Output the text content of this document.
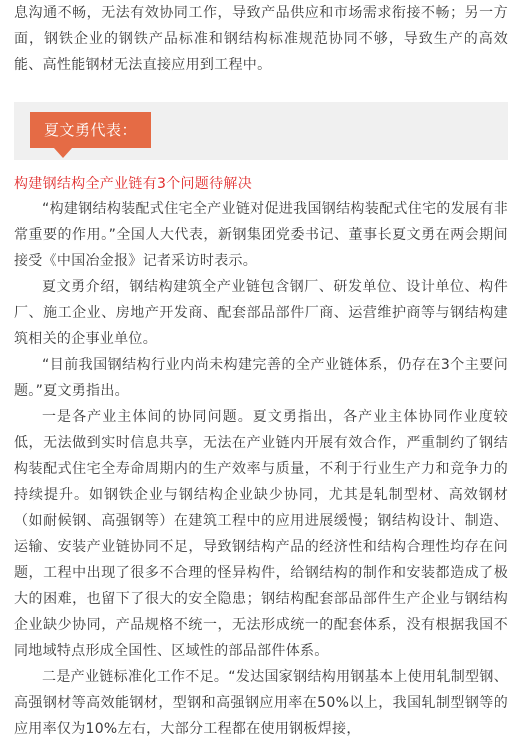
息沟通不畅，无法有效协同工作，导致产品供应和市场需求衔接不畅；另一方面，钢铁企业的钢铁产品标准和钢结构标准规范协同不够，导致生产的高效能、高性能钢材无法直接应用到工程中。

夏文勇代表：

构建钢结构全产业链有3个问题待解决

“构建钢结构装配式住宅全产业链对促进我国钢结构装配式住宅的发展有非常重要的作用。”全国人大代表，新钢集团党委书记、董事长夏文勇在两会期间接受《中国冶金报》记者采访时表示。

夏文勇介绍，钢结构建筑全产业链包含钢厂、研发单位、设计单位、构件厂、施工企业、房地产开发商、配套部品部件厂商、运营维护商等与钢结构建筑相关的企事业单位。

“目前我国钢结构行业内尚未构建完善的全产业链体系，仍存在3个主要问题。”夏文勇指出。

一是各产业主体间的协同问题。夏文勇指出，各产业主体协同作业度较低，无法做到实时信息共享，无法在产业链内开展有效合作，严重制约了钢结构装配式住宅全寿命周期内的生产效率与质量，不利于行业生产力和竞争力的持续提升。如钢铁企业与钢结构企业缺少协同，尤其是轧制型材、高效钢材（如耐候钢、高强钢等）在建筑工程中的应用进展缓慢；钢结构设计、制造、运输、安装产业链协同不足，导致钢结构产品的经济性和结构合理性均存在问题，工程中出现了很多不合理的怪异构件，给钢结构的制作和安装都造成了极大的困难，也留下了很大的安全隐患；钢结构配套部品部件生产企业与钢结构企业缺少协同，产品规格不统一，无法形成统一的配套体系，没有根据我国不同地域特点形成全国性、区域性的部品部件体系。

二是产业链标准化工作不足。“发达国家钢结构用钢基本上使用轧制型钢、高强钢材等高效能钢材，型钢和高强钢应用率在50%以上，我国轧制型钢等的应用率仅为10%左右，大部分工程都在使用钢板焊接，
